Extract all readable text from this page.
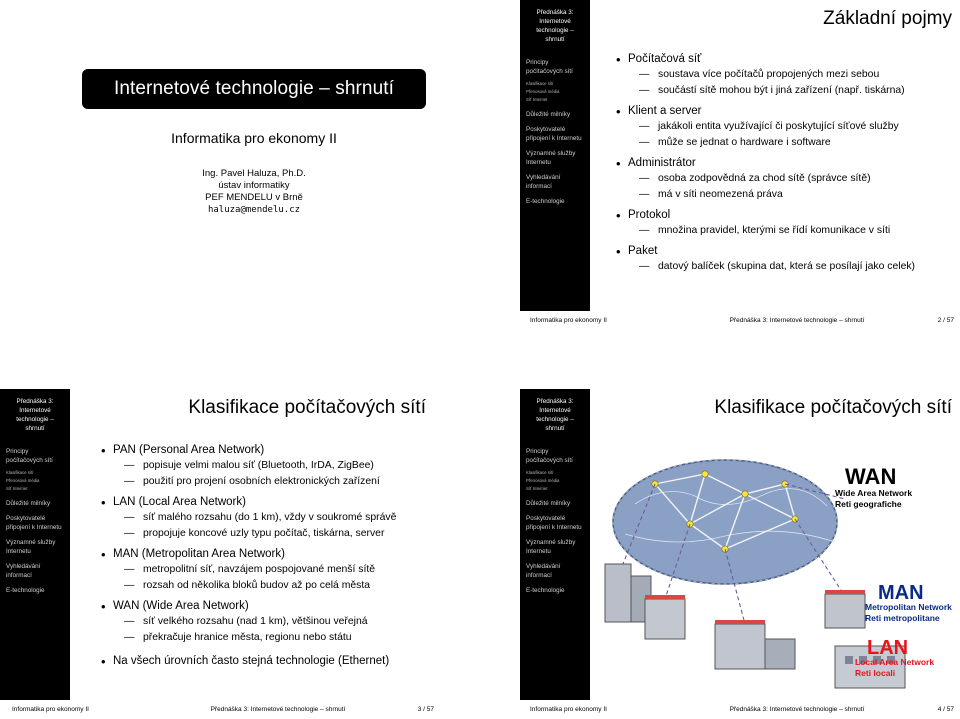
Internetové technologie – shrnutí
Informatika pro ekonomy II
Ing. Pavel Haluza, Ph.D.
ústav informatiky
PEF MENDELU v Brně
haluza@mendelu.cz
Přednáška 3:
Internetové
technologie –
shrnutí
Principy
počítačových sítí
Klasifikace sítí
Přenosová média
Síť Internet
Důležité milníky
Poskytovatelé
připojení k Internetu
Významné služby
Internetu
Vyhledávání
informací
E-technologie
Základní pojmy
• Počítačová síť
— soustava více počítačů propojených mezi sebou
— součástí sítě mohou být i jiná zařízení (např. tiskárna)
• Klient a server
— jakákoli entita využívající či poskytující síťové služby
— může se jednat o hardware i software
• Administrátor
— osoba zodpovědná za chod sítě (správce sítě)
— má v síti neomezená práva
• Protokol
— množina pravidel, kterými se řídí komunikace v síti
• Paket
— datový balíček (skupina dat, která se posílají jako celek)
Informatika pro ekonomy II	Přednáška 3: Internetové technologie – shrnutí	2 / 57
Přednáška 3:
Internetové
technologie –
shrnutí
Principy
počítačových sítí
Klasifikace sítí
Přenosová média
Síť Internet
Důležité milníky
Poskytovatelé
připojení k Internetu
Významné služby
Internetu
Vyhledávání
informací
E-technologie
Klasifikace počítačových sítí
• PAN (Personal Area Network)
— popisuje velmi malou síť (Bluetooth, IrDA, ZigBee)
— použití pro projení osobních elektronických zařízení
• LAN (Local Area Network)
— síť malého rozsahu (do 1 km), vždy v soukromé správě
— propojuje koncové uzly typu počítač, tiskárna, server
• MAN (Metropolitan Area Network)
— metropolitní síť, navzájem pospojované menší sítě
— rozsah od několika bloků budov až po celá města
• WAN (Wide Area Network)
— síť velkého rozsahu (nad 1 km), většinou veřejná
— překračuje hranice města, regionu nebo státu
• Na všech úrovních často stejná technologie (Ethernet)
Informatika pro ekonomy II	Přednáška 3: Internetové technologie – shrnutí	3 / 57
Přednáška 3:
Internetové
technologie –
shrnutí
Principy
počítačových sítí
Klasifikace sítí
Přenosová média
Síť Internet
Důležité milníky
Poskytovatelé
připojení k Internetu
Významné služby
Internetu
Vyhledávání
informací
E-technologie
Klasifikace počítačových sítí
WAN
Wide Area Network
Reti geografiche
MAN
Metropolitan Network
Reti metropolitane
LAN
Local Area Network
Reti locali
Informatika pro ekonomy II	Přednáška 3: Internetové technologie – shrnutí	4 / 57
